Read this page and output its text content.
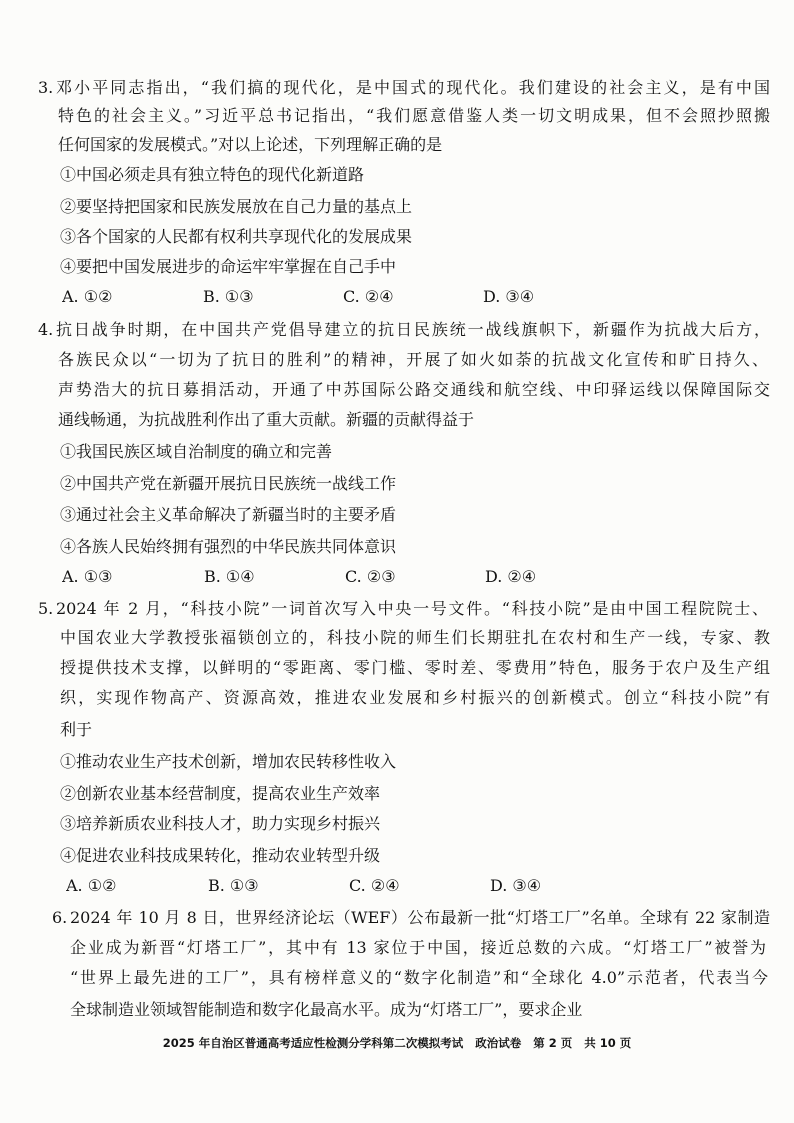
3. 邓小平同志指出，“我们搞的现代化，是中国式的现代化。我们建设的社会主义，是有中国
特色的社会主义。”习近平总书记指出，“我们愿意借鉴人类一切文明成果，但不会照抄照搬
任何国家的发展模式。”对以上论述，下列理解正确的是
①中国必须走具有独立特色的现代化新道路
②要坚持把国家和民族发展放在自己力量的基点上
③各个国家的人民都有权利共享现代化的发展成果
④要把中国发展进步的命运牢牢掌握在自己手中
A. ①②	B. ①③	C. ②④	D. ③④
4. 抗日战争时期，在中国共产党倡导建立的抗日民族统一战线旗帜下，新疆作为抗战大后方，
各族民众以“一切为了抗日的胜利”的精神，开展了如火如荼的抗战文化宣传和旷日持久、
声势浩大的抗日募捐活动，开通了中苏国际公路交通线和航空线、中印驿运线以保障国际交
通线畅通，为抗战胜利作出了重大贡献。新疆的贡献得益于
①我国民族区域自治制度的确立和完善
②中国共产党在新疆开展抗日民族统一战线工作
③通过社会主义革命解决了新疆当时的主要矛盾
④各族人民始终拥有强烈的中华民族共同体意识
A. ①③	B. ①④	C. ②③	D. ②④
5. 2024 年 2 月，“科技小院”一词首次写入中央一号文件。“科技小院”是由中国工程院院士、
中国农业大学教授张福锁创立的，科技小院的师生们长期驻扎在农村和生产一线，专家、教
授提供技术支撑，以鲜明的“零距离、零门槛、零时差、零费用”特色，服务于农户及生产组
织，实现作物高产、资源高效，推进农业发展和乡村振兴的创新模式。创立“科技小院”有
利于
①推动农业生产技术创新，增加农民转移性收入
②创新农业基本经营制度，提高农业生产效率
③培养新质农业科技人才，助力实现乡村振兴
④促进农业科技成果转化，推动农业转型升级
A. ①②	B. ①③	C. ②④	D. ③④
6. 2024 年 10 月 8 日，世界经济论坛（WEF）公布最新一批“灯塔工厂”名单。全球有 22 家制造
企业成为新晋“灯塔工厂”，其中有 13 家位于中国，接近总数的六成。“灯塔工厂”被誉为
“世界上最先进的工厂”，具有榜样意义的“数字化制造”和“全球化 4.0”示范者，代表当今
全球制造业领域智能制造和数字化最高水平。成为“灯塔工厂”，要求企业
2025 年自治区普通高考适应性检测分学科第二次模拟考试 政治试卷 第 2 页 共 10 页
